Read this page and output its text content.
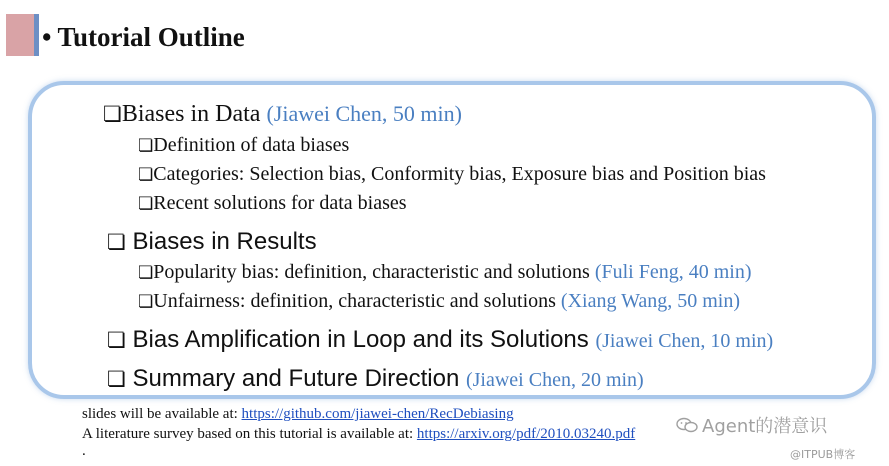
• Tutorial Outline
❏Biases in Data (Jiawei Chen, 50 min)
❏Definition of data biases
❏Categories: Selection bias, Conformity bias, Exposure bias and Position bias
❏Recent solutions for data biases
❏ Biases in Results
❏Popularity bias: definition, characteristic and solutions (Fuli Feng, 40 min)
❏Unfairness: definition, characteristic and solutions (Xiang Wang, 50 min)
❏ Bias Amplification in Loop and its Solutions (Jiawei Chen, 10 min)
❏ Summary and Future Direction (Jiawei Chen, 20 min)
slides will be available at: https://github.com/jiawei-chen/RecDebiasing
A literature survey based on this tutorial is available at: https://arxiv.org/pdf/2010.03240.pdf
.
Agent的潜意识
@ITPUB博客
